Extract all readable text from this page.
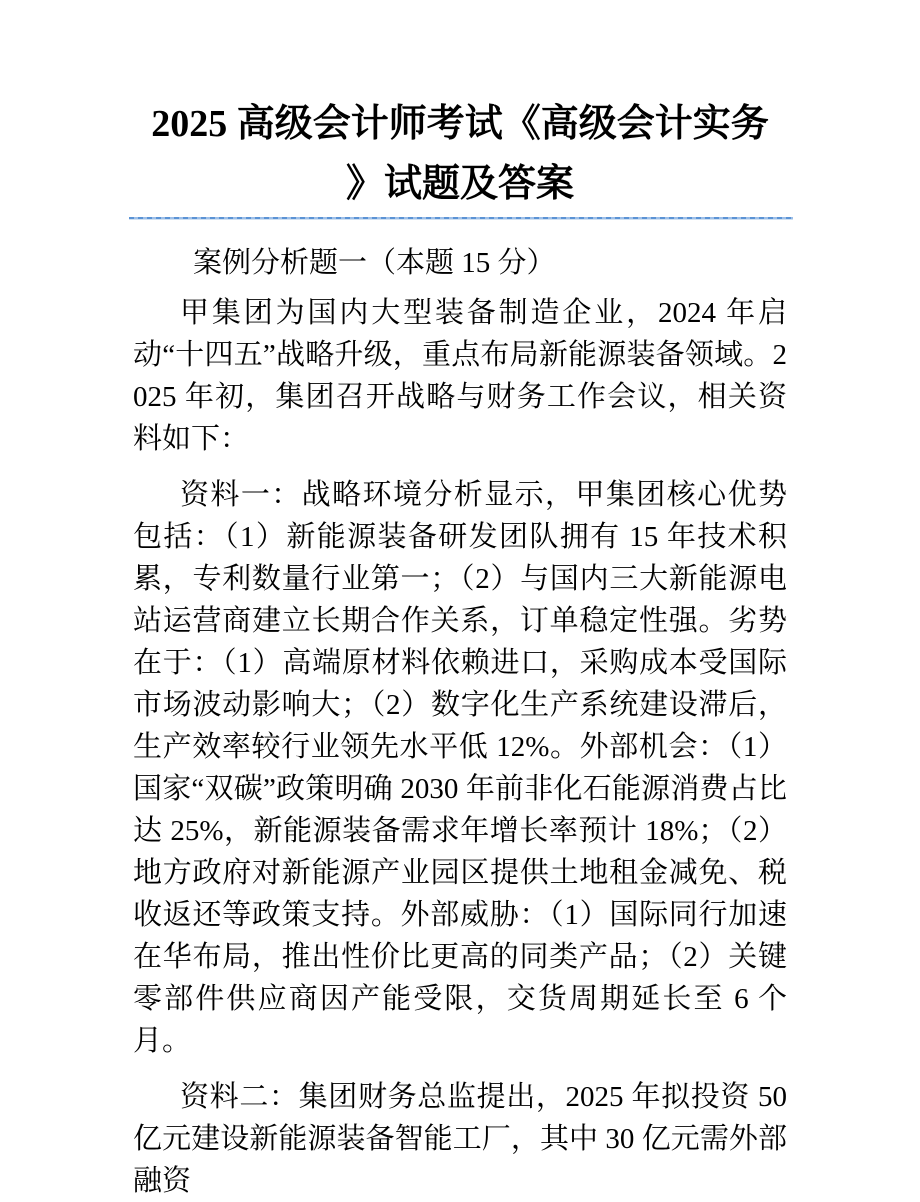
2025 高级会计师考试《高级会计实务
》试题及答案
案例分析题一（本题 15 分）

甲集团为国内大型装备制造企业，2024 年启动“十四五”战略升级，重点布局新能源装备领域。2025 年初，集团召开战略与财务工作会议，相关资料如下：

资料一：战略环境分析显示，甲集团核心优势包括：（1）新能源装备研发团队拥有 15 年技术积累，专利数量行业第一；（2）与国内三大新能源电站运营商建立长期合作关系，订单稳定性强。劣势在于：（1）高端原材料依赖进口，采购成本受国际市场波动影响大；（2）数字化生产系统建设滞后，生产效率较行业领先水平低 12%。外部机会：（1）国家“双碳”政策明确 2030 年前非化石能源消费占比达 25%，新能源装备需求年增长率预计 18%；（2）地方政府对新能源产业园区提供土地租金减免、税收返还等政策支持。外部威胁：（1）国际同行加速在华布局，推出性价比更高的同类产品；（2）关键零部件供应商因产能受限，交货周期延长至 6 个月。

资料二：集团财务总监提出，2025 年拟投资 50 亿元建设新能源装备智能工厂，其中 30 亿元需外部融资
